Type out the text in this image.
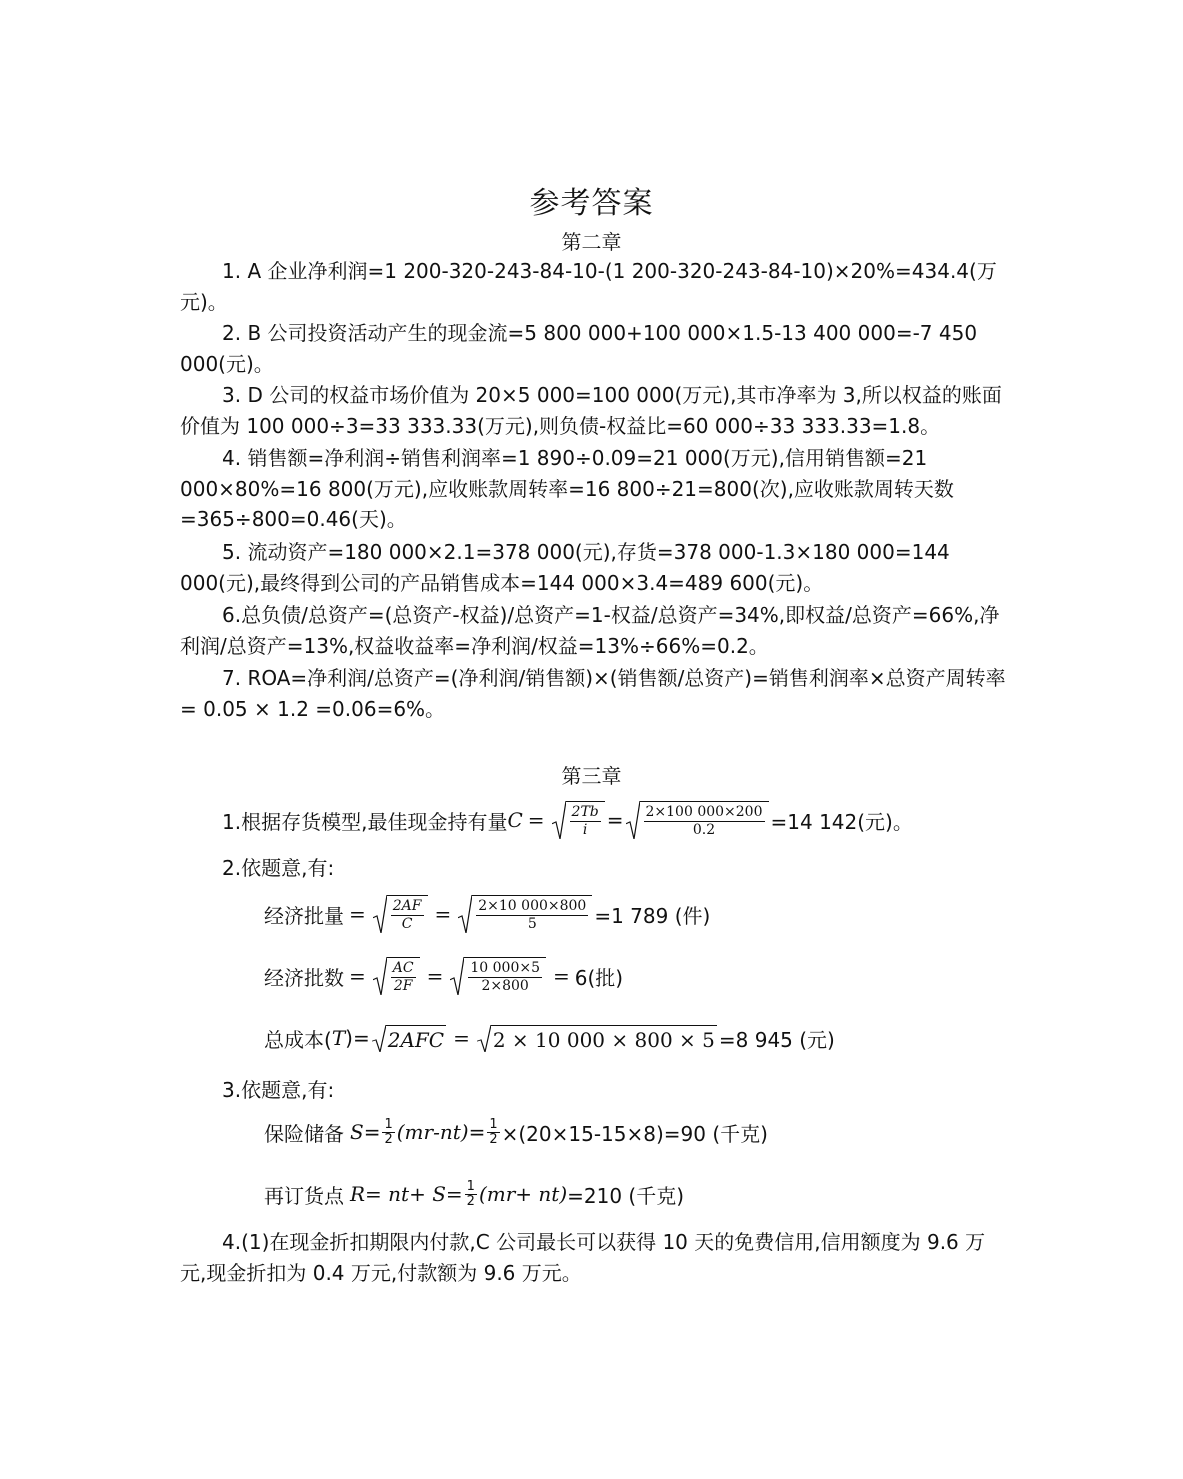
参考答案
第二章
1. A 企业净利润=1 200-320-243-84-10-(1 200-320-243-84-10)×20%=434.4(万元)。
2. B 公司投资活动产生的现金流=5 800 000+100 000×1.5-13 400 000=-7 450 000(元)。
3. D 公司的权益市场价值为 20×5 000=100 000(万元),其市净率为 3,所以权益的账面价值为 100 000÷3=33 333.33(万元),则负债-权益比=60 000÷33 333.33=1.8。
4. 销售额=净利润÷销售利润率=1 890÷0.09=21 000(万元),信用销售额=21 000×80%=16 800(万元),应收账款周转率=16 800÷21=800(次),应收账款周转天数=365÷800=0.46(天)。
5. 流动资产=180 000×2.1=378 000(元),存货=378 000-1.3×180 000=144 000(元),最终得到公司的产品销售成本=144 000×3.4=489 600(元)。
6.总负债/总资产=(总资产-权益)/总资产=1-权益/总资产=34%,即权益/总资产=66%,净利润/总资产=13%,权益收益率=净利润/权益=13%÷66%=0.2。
7. ROA=净利润/总资产=(净利润/销售额)×(销售额/总资产)=销售利润率×总资产周转率= 0.05 × 1.2 =0.06=6%。
第三章
1.根据存货模型,最佳现金持有量 $C = \frac{2Tb}{i} = \frac{2\times 100 000\times 200}{0.2} =14$ 142(元)。
2.依题意,有:
经济批量 = $\frac{2AF}{C} = \frac{2\times 10 000\times 800}{5} =1$ 789 (件)
经济批数 = $\frac{AC}{2F} = \frac{10 000\times 5}{2\times 800} = 6$(批)
总成本( T )= 2AFC = 2 × 10 000 × 800 × 5 =8 945 (元)
3.依题意,有:
保险储备 $S = \frac{1}{2} (mr-nt) = \frac{1}{2} \times(20\times 15-15\times 8)=90$ (千克)
再订货点 $R= nt+ S= \frac{1}{2} (mr+ nt) =210$ (千克)
4.(1)在现金折扣期限内付款,C 公司最长可以获得 10 天的免费信用,信用额度为 9.6 万元,现金折扣为 0.4 万元,付款额为 9.6 万元。
